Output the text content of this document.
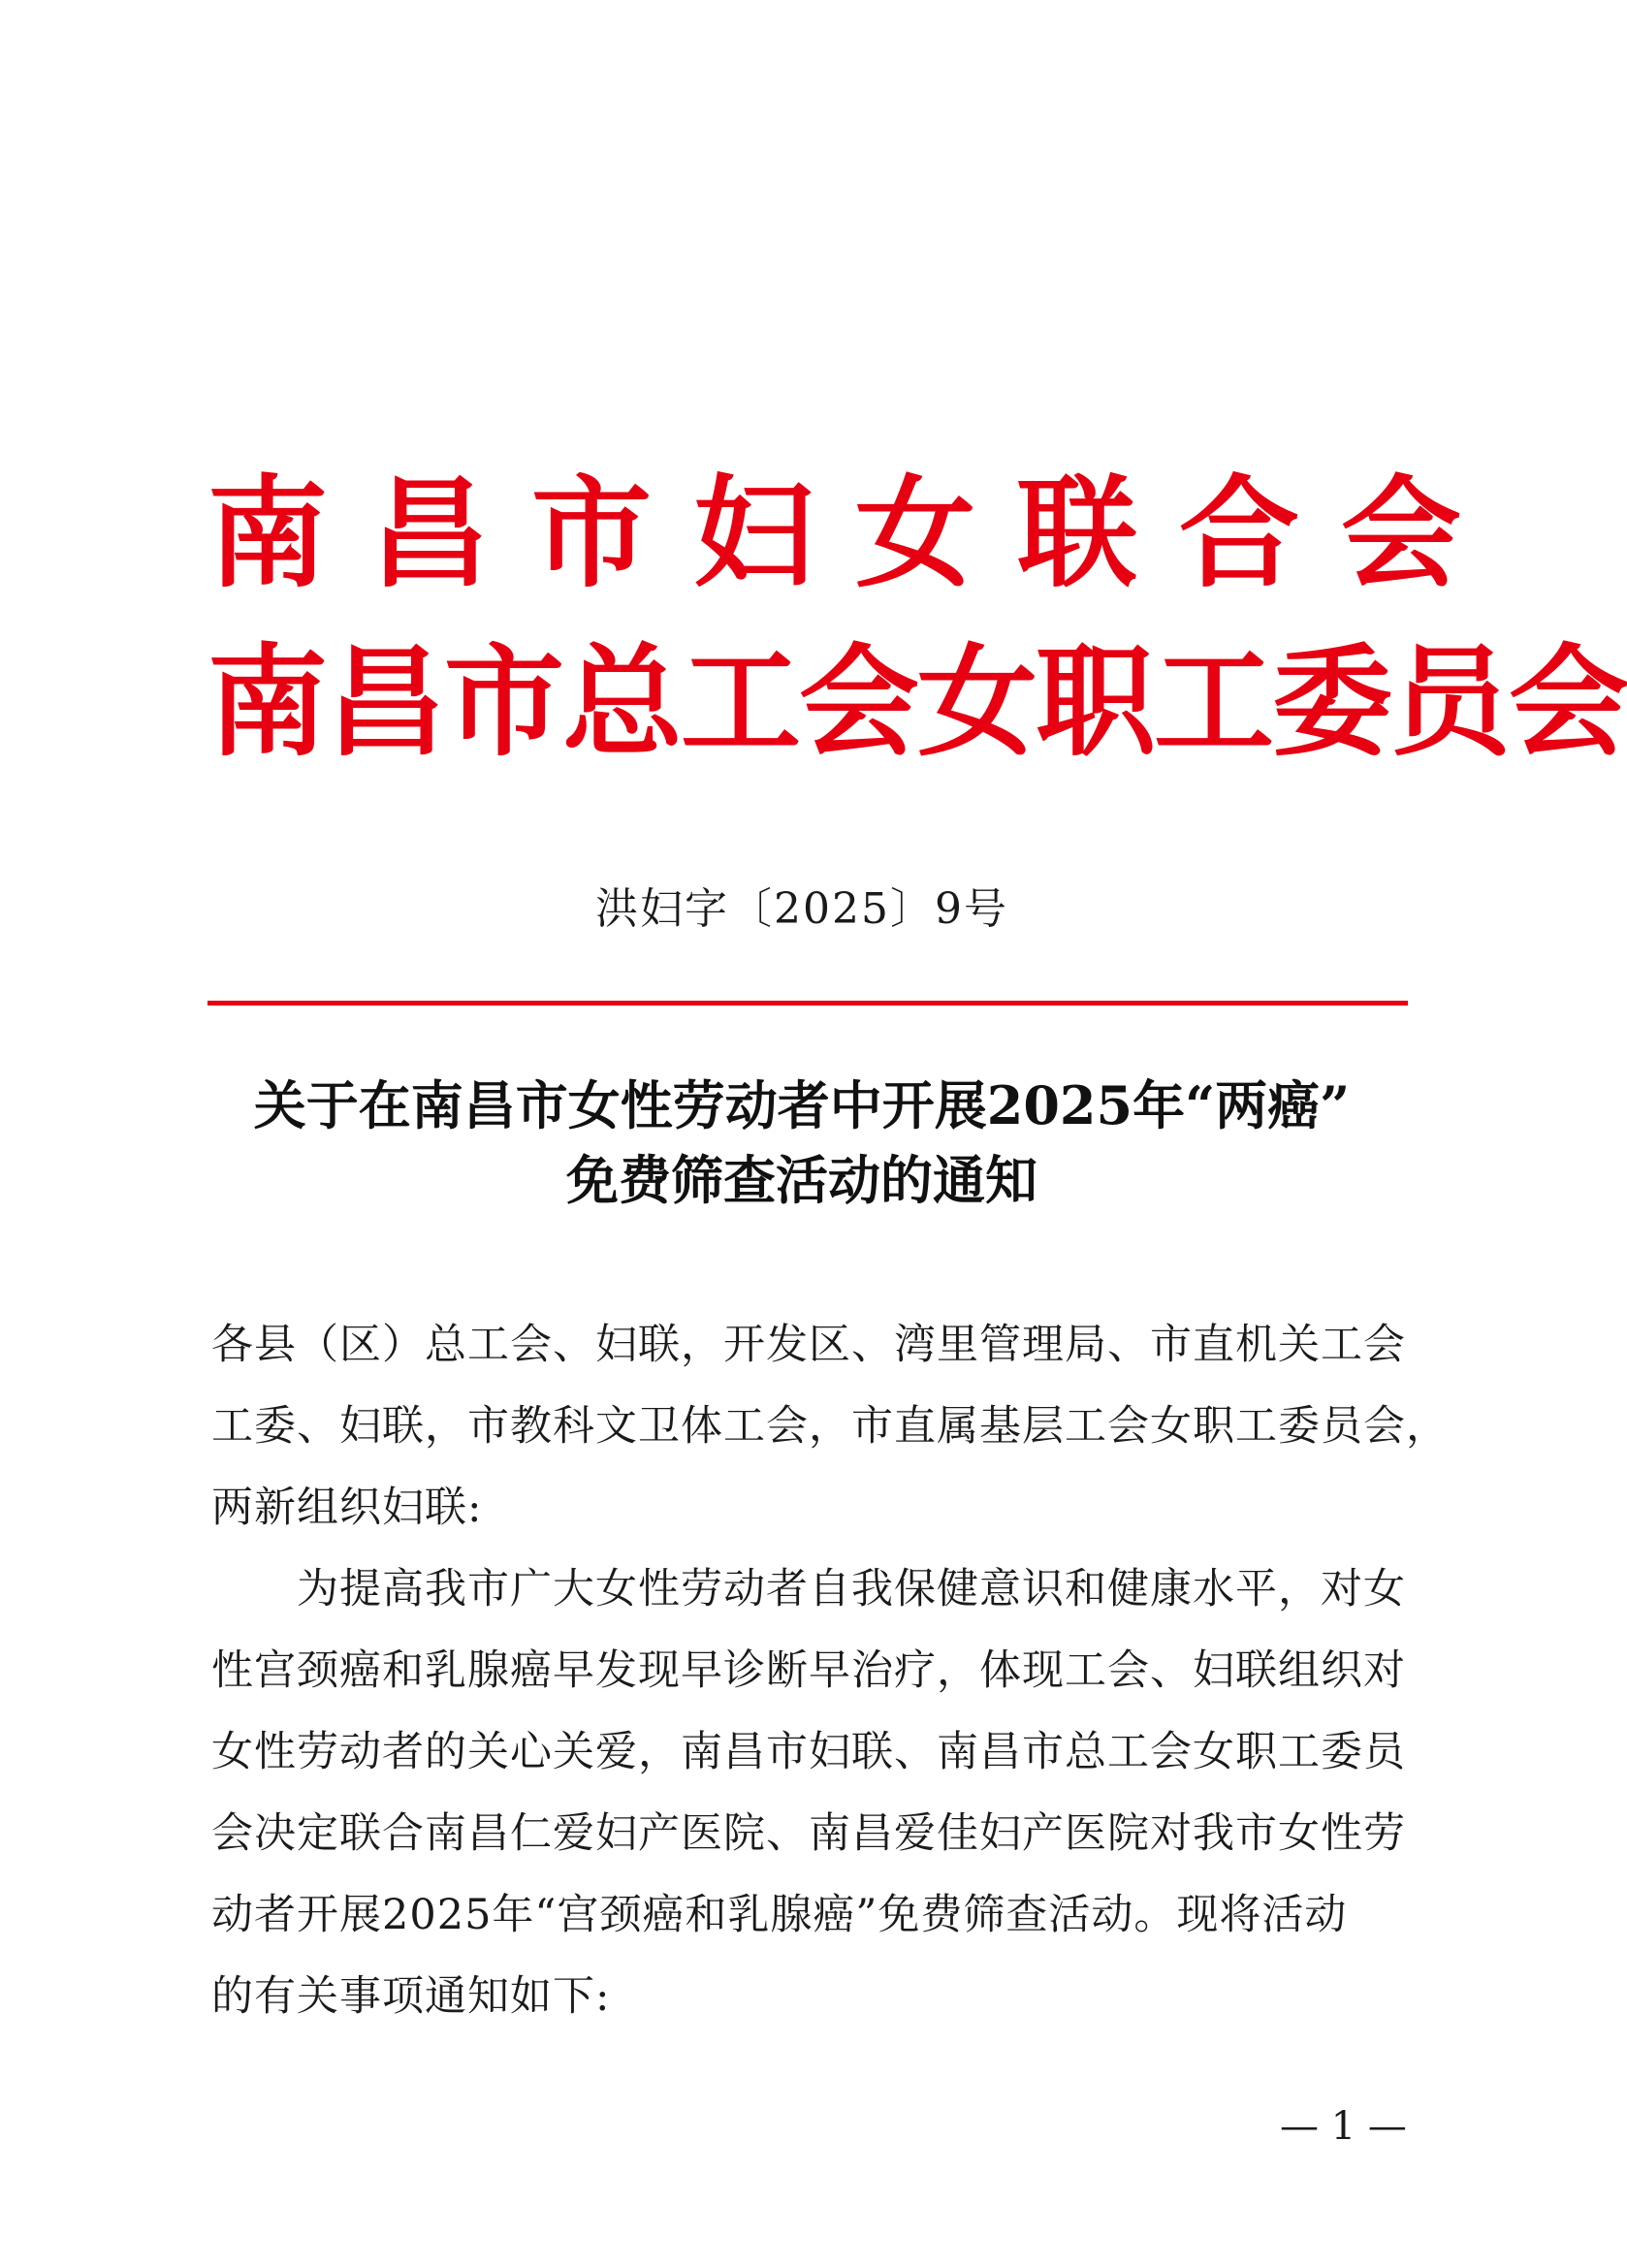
南昌市妇女联合会
南昌市总工会女职工委员会
洪妇字〔2025〕9号
关于在南昌市女性劳动者中开展2025年“两癌”
免费筛查活动的通知
各县（区）总工会、妇联，开发区、湾里管理局、市直机关工会
工委、妇联，市教科文卫体工会，市直属基层工会女职工委员会，
两新组织妇联:
　　为提高我市广大女性劳动者自我保健意识和健康水平，对女
性宫颈癌和乳腺癌早发现早诊断早治疗，体现工会、妇联组织对
女性劳动者的关心关爱，南昌市妇联、南昌市总工会女职工委员
会决定联合南昌仁爱妇产医院、南昌爱佳妇产医院对我市女性劳
动者开展2025年“宫颈癌和乳腺癌”免费筛查活动。现将活动
的有关事项通知如下:
— 1 —
